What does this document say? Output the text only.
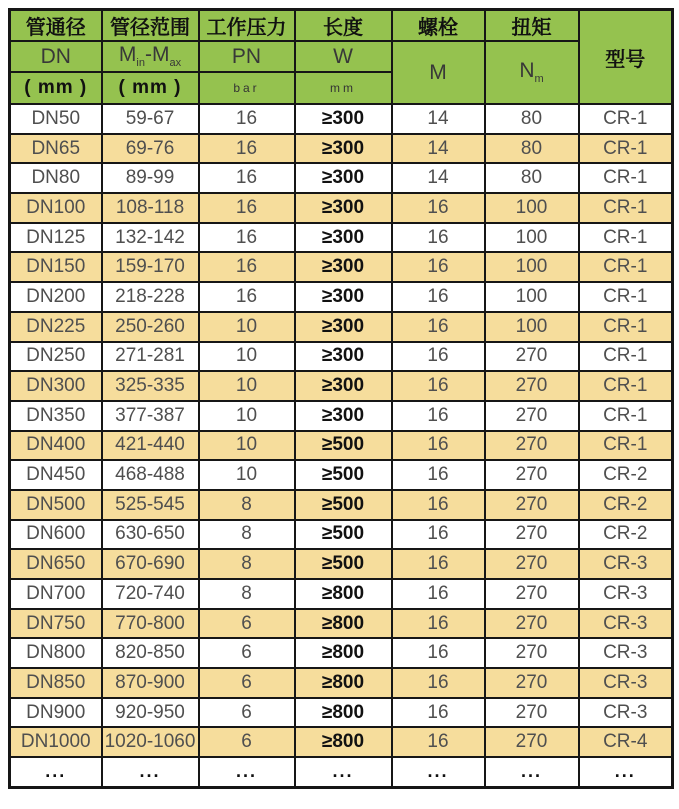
管通径	管径范围	工作压力	长度	螺栓	扭矩	型号
DN	$M_{in}-M_{ax}$	PN	W	M	$N_m$
( mm )	( mm )	bar	mm			
DN50	59-67	16	≥300	14	80	CR-1
DN65	69-76	16	≥300	14	80	CR-1
DN80	89-99	16	≥300	14	80	CR-1
DN100	108-118	16	≥300	16	100	CR-1
DN125	132-142	16	≥300	16	100	CR-1
DN150	159-170	16	≥300	16	100	CR-1
DN200	218-228	16	≥300	16	100	CR-1
DN225	250-260	10	≥300	16	100	CR-1
DN250	271-281	10	≥300	16	270	CR-1
DN300	325-335	10	≥300	16	270	CR-1
DN350	377-387	10	≥300	16	270	CR-1
DN400	421-440	10	≥500	16	270	CR-1
DN450	468-488	10	≥500	16	270	CR-2
DN500	525-545	8	≥500	16	270	CR-2
DN600	630-650	8	≥500	16	270	CR-2
DN650	670-690	8	≥500	16	270	CR-3
DN700	720-740	8	≥800	16	270	CR-3
DN750	770-800	6	≥800	16	270	CR-3
DN800	820-850	6	≥800	16	270	CR-3
DN850	870-900	6	≥800	16	270	CR-3
DN900	920-950	6	≥800	16	270	CR-3
DN1000	1020-1060	6	≥800	16	270	CR-4
...	...	...	...	...	...	...
